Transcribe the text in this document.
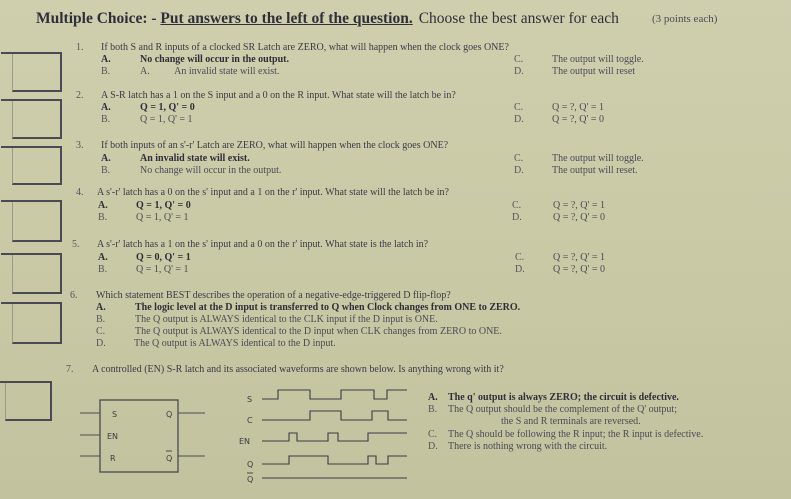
Multiple Choice: - Put answers to the left of the question. Choose the best answer for each	(3 points each)
1. If both S and R inputs of a clocked SR Latch are ZERO, what will happen when the clock goes ONE?
A.	No change will occur in the output.
B.	A.          An invalid state will exist.
C.	The output will toggle.
D.	The output will reset
2. A S-R latch has a 1 on the S input and a 0 on the R input. What state will the latch be in?
A.	Q = 1, Q' = 0
B.	Q = 1, Q' = 1
C.	Q = ?, Q' = 1
D.	Q = ?, Q' = 0
3. If both inputs of an s'-r' Latch are ZERO, what will happen when the clock goes ONE?
A.	An invalid state will exist.
B.	No change will occur in the output.
C.	The output will toggle.
D.	The output will reset.
4. A s'-r' latch has a 0 on the s' input and a 1 on the r' input. What state will the latch be in?
A.	Q = 1, Q' = 0
B.	Q = 1, Q' = 1
C.	Q = ?, Q' = 1
D.	Q = ?, Q' = 0
5. A s'-r' latch has a 1 on the s' input and a 0 on the r' input. What state is the latch in?
A.	Q = 0, Q' = 1
B.	Q = 1, Q' = 1
C.	Q = ?, Q' = 1
D.	Q = ?, Q' = 0
6. Which statement BEST describes the operation of a negative-edge-triggered D flip-flop?
A.	The logic level at the D input is transferred to Q when Clock changes from ONE to ZERO.
B.	The Q output is ALWAYS identical to the CLK input if the D input is ONE.
C.	The Q output is ALWAYS identical to the D input when CLK changes from ZERO to ONE.
D.	The Q output is ALWAYS identical to the D input.
7. A controlled (EN) S-R latch and its associated waveforms are shown below. Is anything wrong with it?
S
EN
R
Q
Q
S
C
EN
Q
Q
A. The q' output is always ZERO; the circuit is defective.
B. The Q output should be the complement of the Q' output;
the S and R terminals are reversed.
C. The Q should be following the R input; the R input is defective.
D. There is nothing wrong with the circuit.
